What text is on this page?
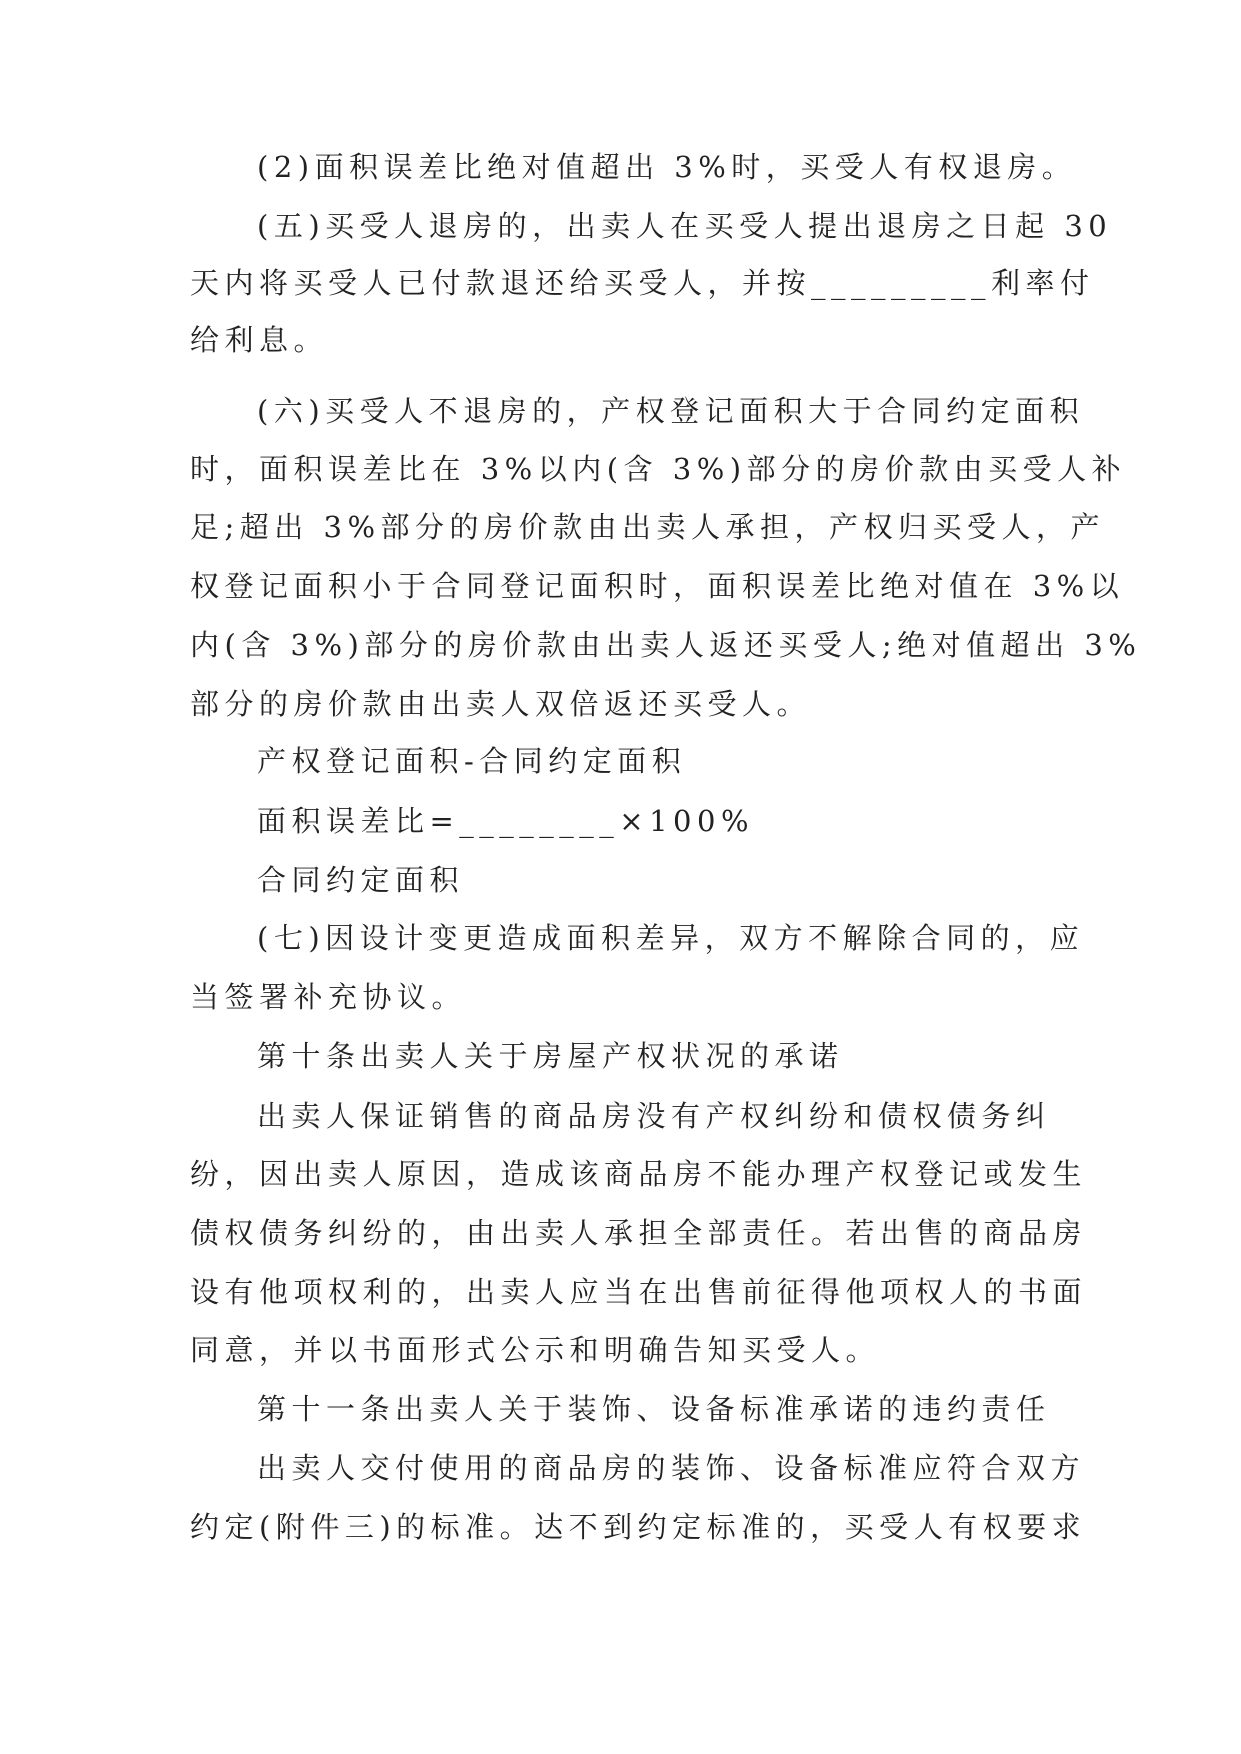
(2)面积误差比绝对值超出 3%时，买受人有权退房。
(五)买受人退房的，出卖人在买受人提出退房之日起 30
天内将买受人已付款退还给买受人，并按_________利率付
给利息。
(六)买受人不退房的，产权登记面积大于合同约定面积
时，面积误差比在 3%以内(含 3%)部分的房价款由买受人补
足;超出 3%部分的房价款由出卖人承担，产权归买受人，产
权登记面积小于合同登记面积时，面积误差比绝对值在 3%以
内(含 3%)部分的房价款由出卖人返还买受人;绝对值超出 3%
部分的房价款由出卖人双倍返还买受人。
产权登记面积-合同约定面积
面积误差比=________×100%
合同约定面积
(七)因设计变更造成面积差异，双方不解除合同的，应
当签署补充协议。
第十条出卖人关于房屋产权状况的承诺
出卖人保证销售的商品房没有产权纠纷和债权债务纠
纷，因出卖人原因，造成该商品房不能办理产权登记或发生
债权债务纠纷的，由出卖人承担全部责任。若出售的商品房
设有他项权利的，出卖人应当在出售前征得他项权人的书面
同意，并以书面形式公示和明确告知买受人。
第十一条出卖人关于装饰、设备标准承诺的违约责任
出卖人交付使用的商品房的装饰、设备标准应符合双方
约定(附件三)的标准。达不到约定标准的，买受人有权要求
